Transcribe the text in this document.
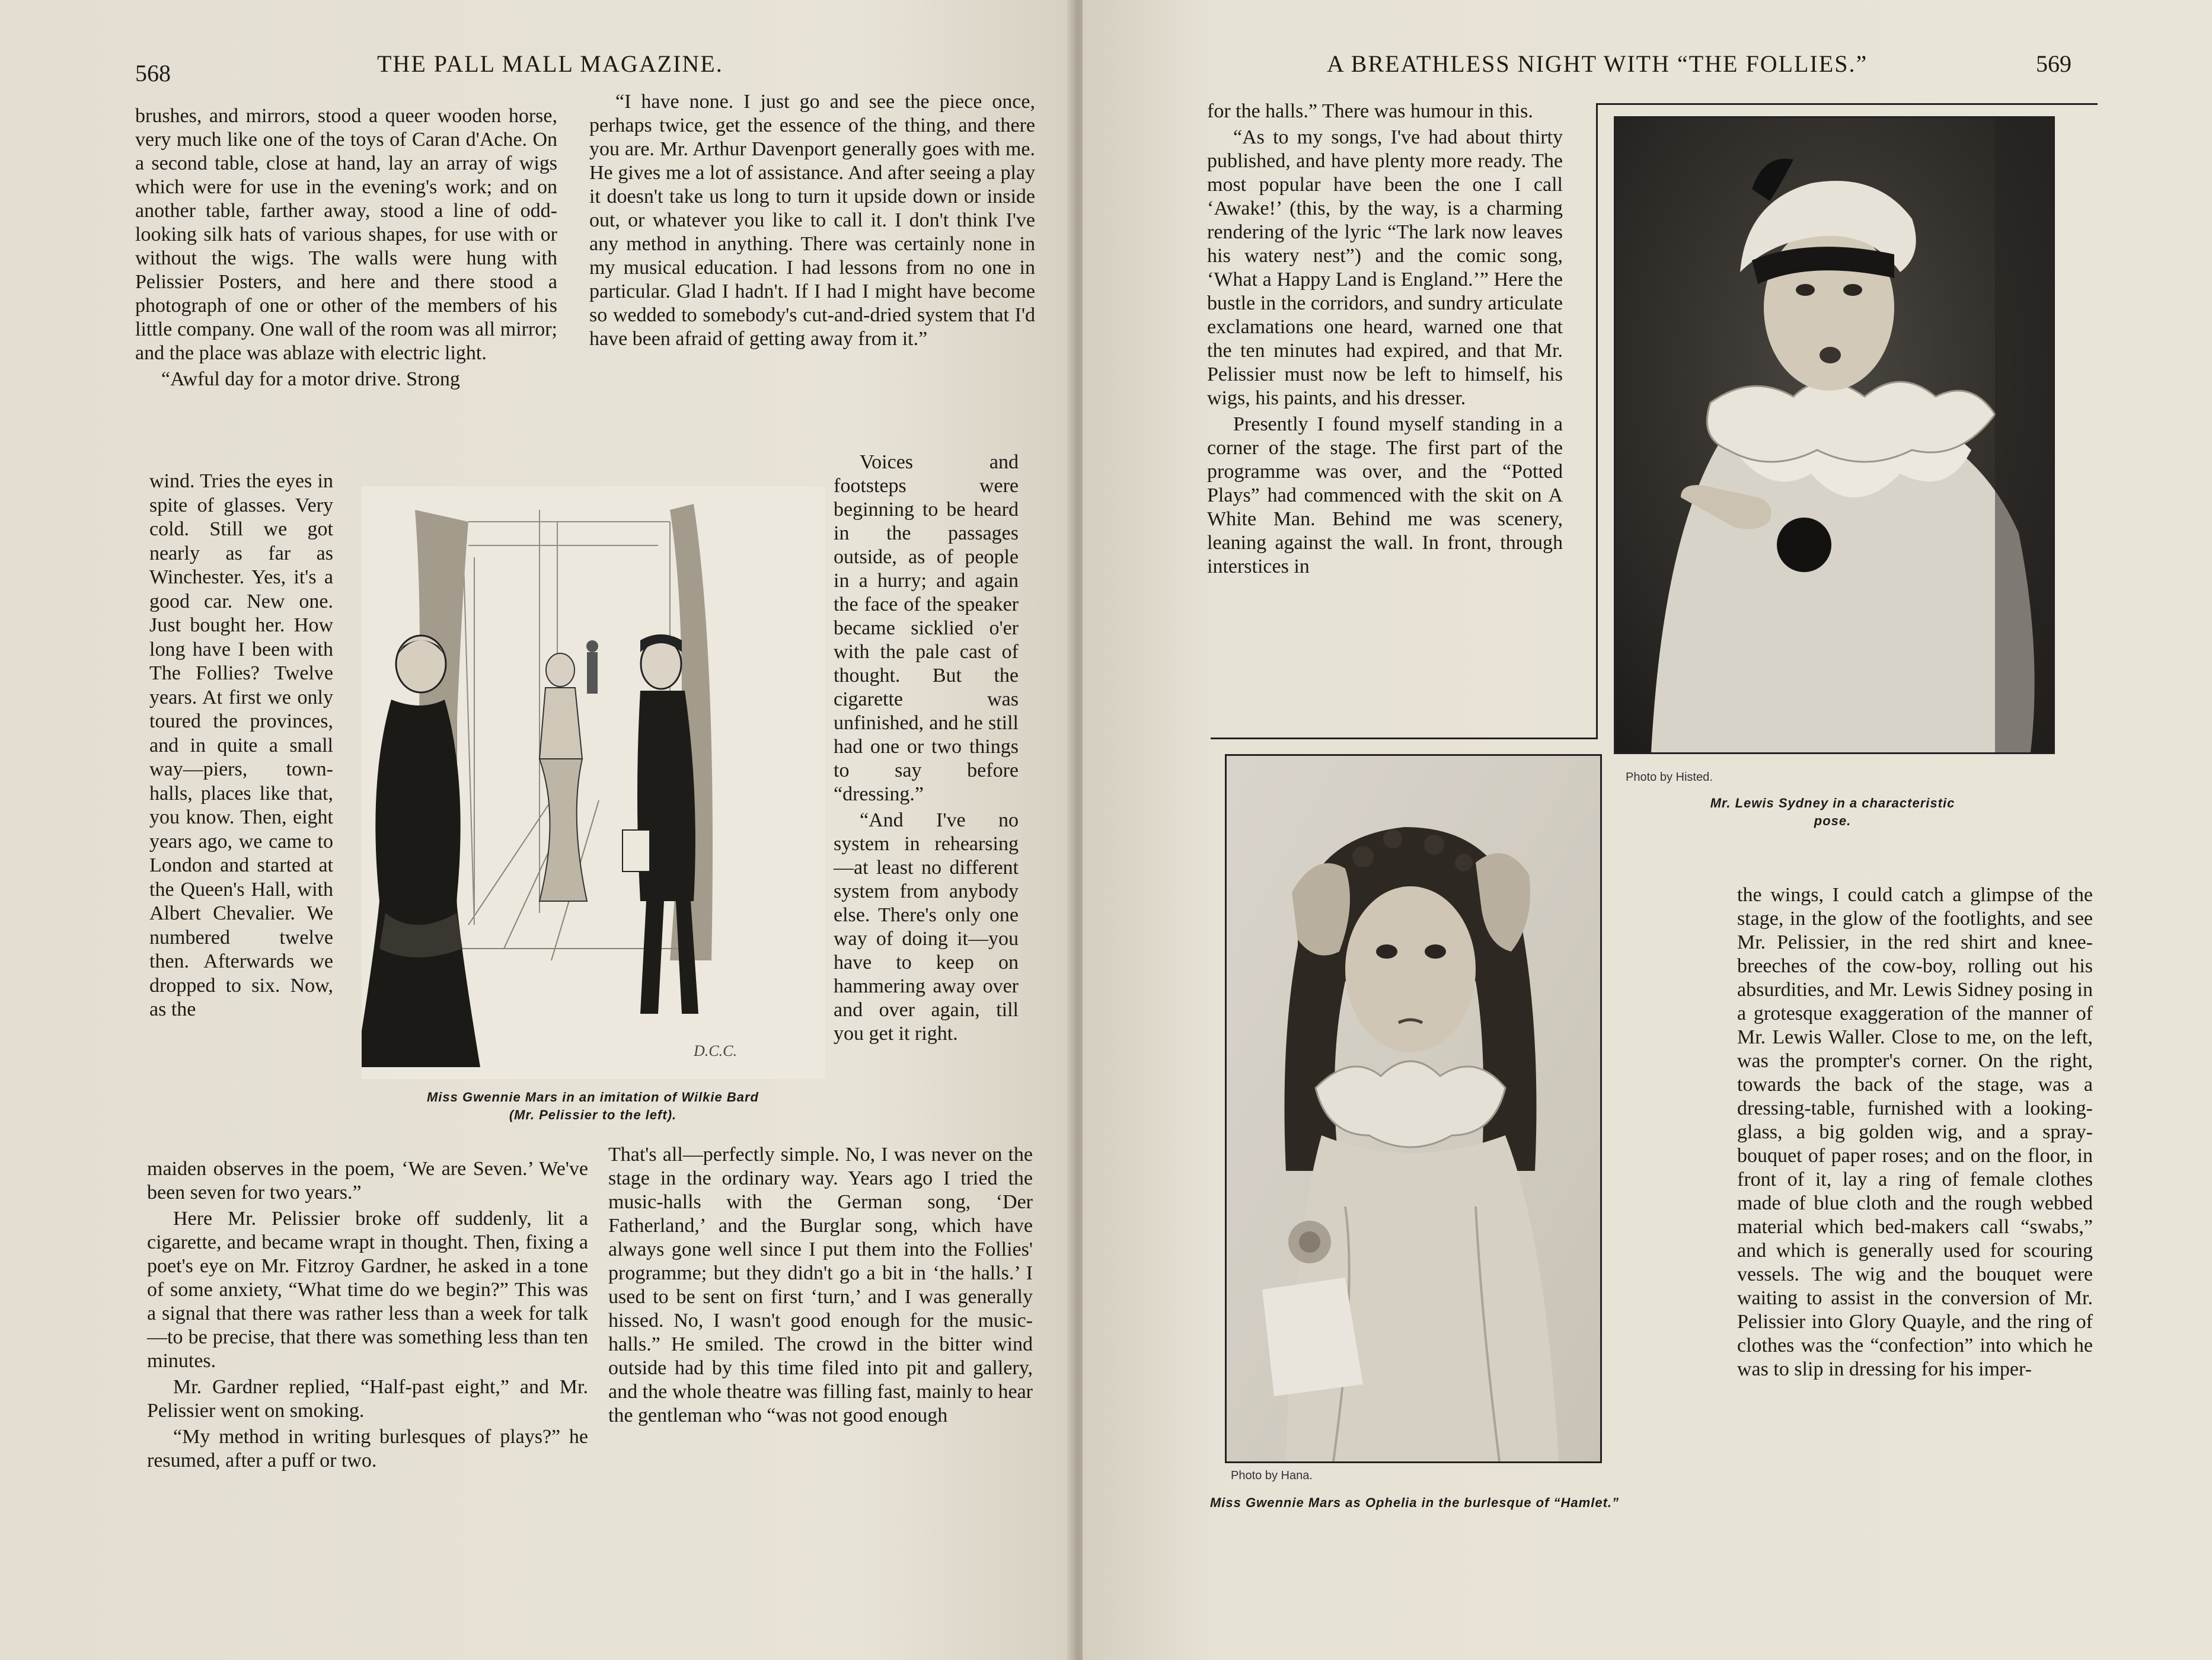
568	THE PALL MALL MAGAZINE.

brushes, and mirrors, stood a queer wooden horse, very much like one of the toys of Caran d'Ache. On a second table, close at hand, lay an array of wigs which were for use in the evening's work; and on another table, farther away, stood a line of odd-looking silk hats of various shapes, for use with or without the wigs. The walls were hung with Pelissier Posters, and here and there stood a photograph of one or other of the members of his little company. One wall of the room was all mirror; and the place was ablaze with electric light.

“Awful day for a motor drive. Strong

wind. Tries the eyes in spite of glasses. Very cold. Still we got nearly as far as Winchester. Yes, it's a good car. New one. Just bought her. How long have I been with The Follies? Twelve years. At first we only toured the provinces, and in quite a small way—piers, town-halls, places like that, you know. Then, eight years ago, we came to London and started at the Queen's Hall, with Albert Chevalier. We numbered twelve then. Afterwards we dropped to six. Now, as the

maiden observes in the poem, ‘We are Seven.’ We've been seven for two years.”

Here Mr. Pelissier broke off suddenly, lit a cigarette, and became wrapt in thought. Then, fixing a poet's eye on Mr. Fitzroy Gardner, he asked in a tone of some anxiety, “What time do we begin?” This was a signal that there was rather less than a week for talk—to be precise, that there was something less than ten minutes.

Mr. Gardner replied, “Half-past eight,” and Mr. Pelissier went on smoking.

“My method in writing burlesques of plays?” he resumed, after a puff or two.

“I have none. I just go and see the piece once, perhaps twice, get the essence of the thing, and there you are. Mr. Arthur Davenport generally goes with me. He gives me a lot of assistance. And after seeing a play it doesn't take us long to turn it upside down or inside out, or whatever you like to call it. I don't think I've any method in anything. There was certainly none in my musical education. I had lessons from no one in particular. Glad I hadn't. If I had I might have become so wedded to somebody's cut-and-dried system that I'd have been afraid of getting away from it.”

Voices and footsteps were beginning to be heard in the passages outside, as of people in a hurry; and again the face of the speaker became sicklied o'er with the pale cast of thought. But the cigarette was unfinished, and he still had one or two things to say before “dressing.”

“And I've no system in rehearsing—at least no different system from anybody else. There's only one way of doing it—you have to keep on hammering away over and over again, till you get it right.

That's all—perfectly simple. No, I was never on the stage in the ordinary way. Years ago I tried the music-halls with the German song, ‘Der Fatherland,’ and the Burglar song, which have always gone well since I put them into the Follies' programme; but they didn't go a bit in ‘the halls.’ I used to be sent on first ‘turn,’ and I was generally hissed. No, I wasn't good enough for the music-halls.” He smiled. The crowd in the bitter wind outside had by this time filed into pit and gallery, and the whole theatre was filling fast, mainly to hear the gentleman who “was not good enough

D.C.C.
Miss Gwennie Mars in an imitation of Wilkie Bard
(Mr. Pelissier to the left).
A BREATHLESS NIGHT WITH “THE FOLLIES.”	569

for the halls.” There was humour in this.

“As to my songs, I've had about thirty published, and have plenty more ready. The most popular have been the one I call ‘Awake!’ (this, by the way, is a charming rendering of the lyric “The lark now leaves his watery nest”) and the comic song, ‘What a Happy Land is England.’” Here the bustle in the corridors, and sundry articulate exclamations one heard, warned one that the ten minutes had expired, and that Mr. Pelissier must now be left to himself, his wigs, his paints, and his dresser.

Presently I found myself standing in a corner of the stage. The first part of the programme was over, and the “Potted Plays” had commenced with the skit on A White Man. Behind me was scenery, leaning against the wall. In front, through interstices in

Photo by Histed.
Mr. Lewis Sydney in a characteristic
pose.
Photo by Hana.
Miss Gwennie Mars as Ophelia in the burlesque of “Hamlet.”

the wings, I could catch a glimpse of the stage, in the glow of the footlights, and see Mr. Pelissier, in the red shirt and knee-breeches of the cow-boy, rolling out his absurdities, and Mr. Lewis Sidney posing in a grotesque exaggeration of the manner of Mr. Lewis Waller. Close to me, on the left, was the prompter's corner. On the right, towards the back of the stage, was a dressing-table, furnished with a looking-glass, a big golden wig, and a spray-bouquet of paper roses; and on the floor, in front of it, lay a ring of female clothes made of blue cloth and the rough webbed material which bed-makers call “swabs,” and which is generally used for scouring vessels. The wig and the bouquet were waiting to assist in the conversion of Mr. Pelissier into Glory Quayle, and the ring of clothes was the “confection” into which he was to slip in dressing for his imper-
